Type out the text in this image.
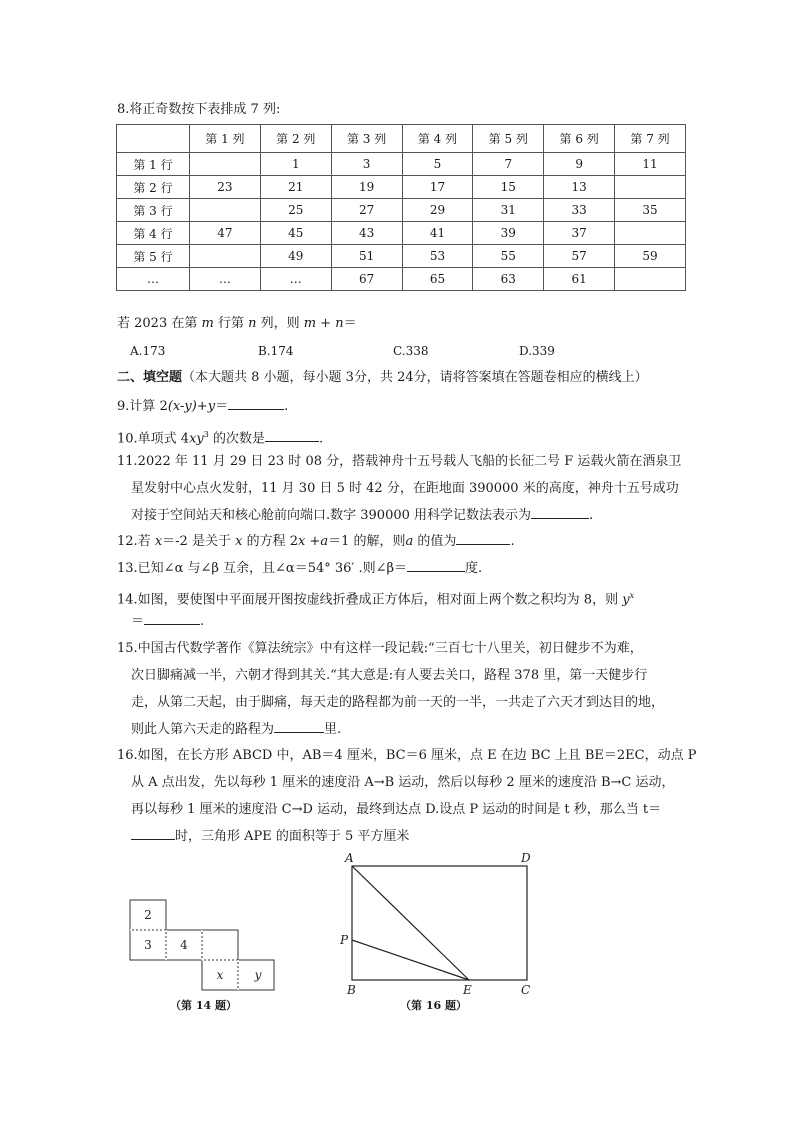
8.将正奇数按下表排成 7 列:
	第 1 列	第 2 列	第 3 列	第 4 列	第 5 列	第 6 列	第 7 列
第 1 行		1	3	5	7	9	11
第 2 行	23	21	19	17	15	13	
第 3 行		25	27	29	31	33	35
第 4 行	47	45	43	41	39	37	
第 5 行		49	51	53	55	57	59
…	…	…	67	65	63	61	
若 2023 在第 m 行第 n 列，则 m + n＝
A.173	B.174	C.338	D.339
二、填空题（本大题共 8 小题，每小题 3分，共 24分，请将答案填在答题卷相应的横线上）
9.计算 2(x-y)+y＝	.
10.单项式 $4xy^3$ 的次数是	.
11.2022 年 11 月 29 日 23 时 08 分，搭载神舟十五号载人飞船的长征二号 F 运载火箭在酒泉卫
星发射中心点火发射，11 月 30 日 5 时 42 分，在距地面 390000 米的高度，神舟十五号成功
对接于空间站天和核心舱前向端口.数字 390000 用科学记数法表示为	.
12.若 x＝-2 是关于 x 的方程 2x +a＝1 的解，则a 的值为	.
13.已知∠α 与∠β 互余，且∠α＝54° 36′ .则∠β＝	度.
14.如图，要使图中平面展开图按虚线折叠成正方体后，相对面上两个数之积均为 8，则 $y^x$
＝	.
15.中国古代数学著作《算法统宗》中有这样一段记载:“三百七十八里关，初日健步不为难，
次日脚痛减一半，六朝才得到其关.“其大意是:有人要去关口，路程 378 里，第一天健步行
走，从第二天起，由于脚痛，每天走的路程都为前一天的一半，一共走了六天才到达目的地，
则此人第六天走的路程为	里.
16.如图，在长方形 ABCD 中，AB＝4 厘米，BC＝6 厘米，点 E 在边 BC 上且 BE＝2EC，动点 P
从 A 点出发，先以每秒 1 厘米的速度沿 A→B 运动，然后以每秒 2 厘米的速度沿 B→C 运动，
再以每秒 1 厘米的速度沿 C→D 运动，最终到达点 D.设点 P 运动的时间是 t 秒，那么当 t＝
时，三角形 APE 的面积等于 5 平方厘米
2
3 4
x	y
（第 14 题）
A	D
P
B	E	C
（第 16 题）
